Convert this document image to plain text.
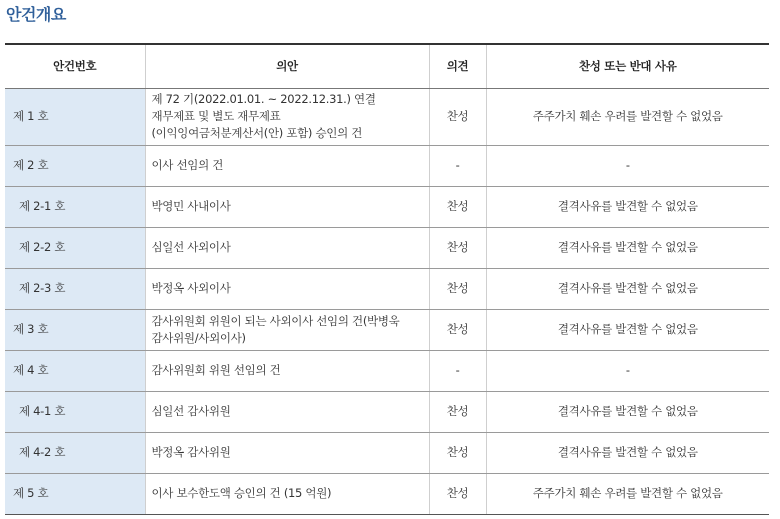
안건개요
안건번호	의안	의견	찬성 또는 반대 사유
제 1 호	제 72 기(2022.01.01. ~ 2022.12.31.) 연결
재무제표 및 별도 재무제표
(이익잉여금처분계산서(안) 포함) 승인의 건	찬성	주주가치 훼손 우려를 발견할 수 없었음
제 2 호	이사 선임의 건	-	-
제 2-1 호	박영민 사내이사	찬성	결격사유를 발견할 수 없었음
제 2-2 호	심일선 사외이사	찬성	결격사유를 발견할 수 없었음
제 2-3 호	박정옥 사외이사	찬성	결격사유를 발견할 수 없었음
제 3 호	감사위원회 위원이 되는 사외이사 선임의 건(박병욱
감사위원/사외이사)	찬성	결격사유를 발견할 수 없었음
제 4 호	감사위원회 위원 선임의 건	-	-
제 4-1 호	심일선 감사위원	찬성	결격사유를 발견할 수 없었음
제 4-2 호	박정옥 감사위원	찬성	결격사유를 발견할 수 없었음
제 5 호	이사 보수한도액 승인의 건 (15 억원)	찬성	주주가치 훼손 우려를 발견할 수 없었음
